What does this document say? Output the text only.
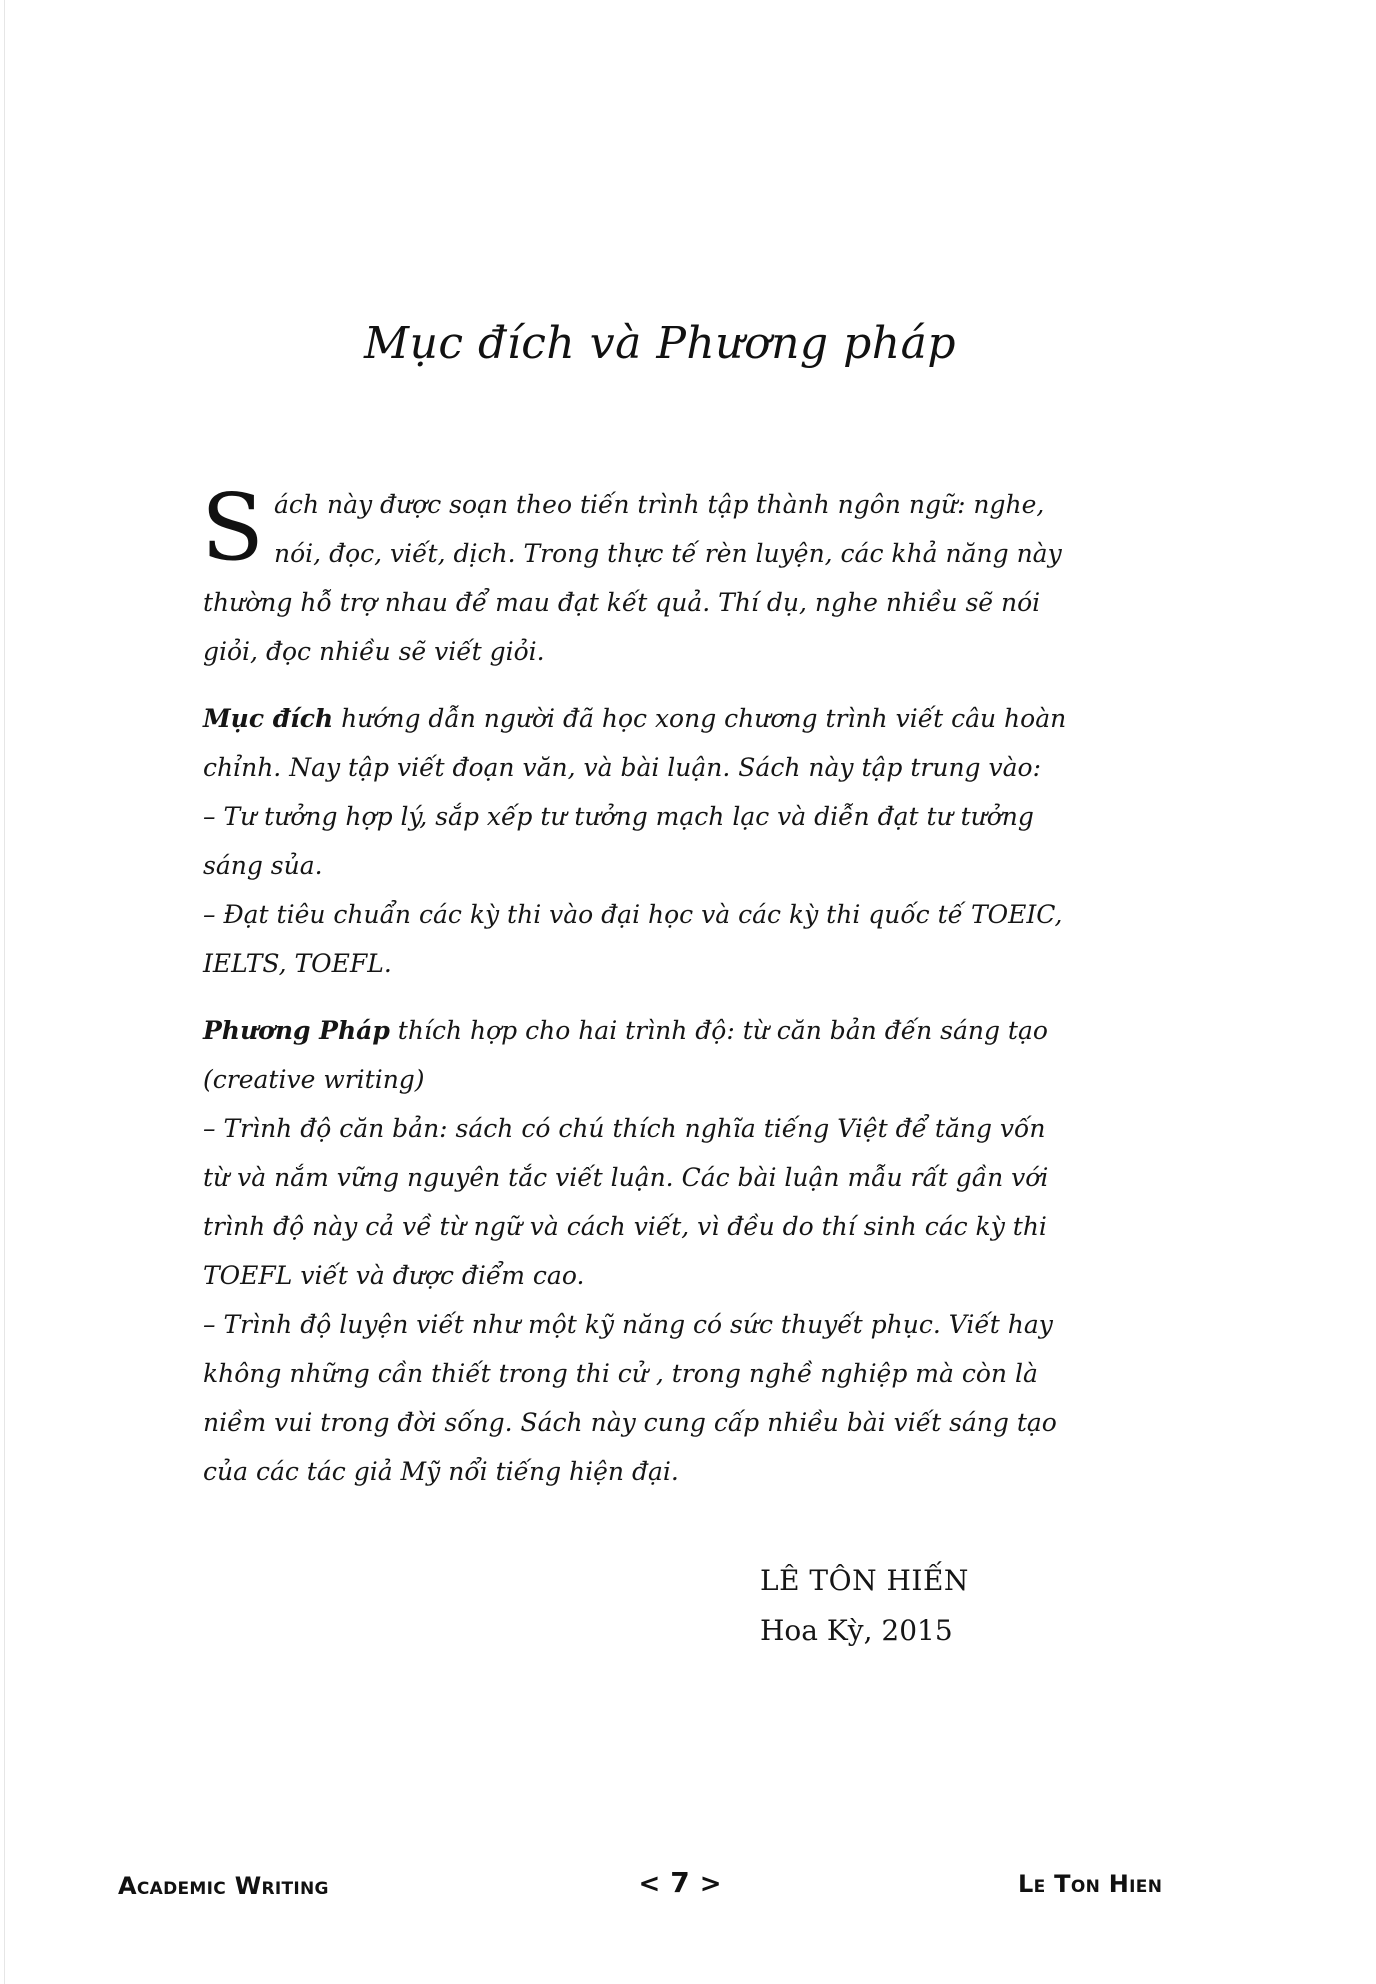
Mục đích và Phương pháp
S ách này được soạn theo tiến trình tập thành ngôn ngữ: nghe,
nói, đọc, viết, dịch. Trong thực tế rèn luyện, các khả năng này
thường hỗ trợ nhau để mau đạt kết quả. Thí dụ, nghe nhiều sẽ nói
giỏi, đọc nhiều sẽ viết giỏi.
Mục đích hướng dẫn người đã học xong chương trình viết câu hoàn
chỉnh. Nay tập viết đoạn văn, và bài luận. Sách này tập trung vào:
– Tư tưởng hợp lý, sắp xếp tư tưởng mạch lạc và diễn đạt tư tưởng
sáng sủa.
– Đạt tiêu chuẩn các kỳ thi vào đại học và các kỳ thi quốc tế TOEIC,
IELTS, TOEFL.
Phương Pháp thích hợp cho hai trình độ: từ căn bản đến sáng tạo
(creative writing)
– Trình độ căn bản: sách có chú thích nghĩa tiếng Việt để tăng vốn
từ và nắm vững nguyên tắc viết luận. Các bài luận mẫu rất gần với
trình độ này cả về từ ngữ và cách viết, vì đều do thí sinh các kỳ thi
TOEFL viết và được điểm cao.
– Trình độ luyện viết như một kỹ năng có sức thuyết phục. Viết hay
không những cần thiết trong thi cử , trong nghề nghiệp mà còn là
niềm vui trong đời sống. Sách này cung cấp nhiều bài viết sáng tạo
của các tác giả Mỹ nổi tiếng hiện đại.
LÊ TÔN HIẾN
Hoa Kỳ, 2015
Academic Writing	< 7 >	Le Ton Hien
